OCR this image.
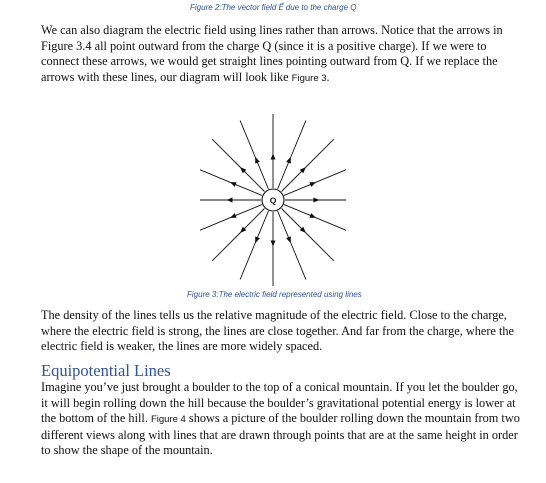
Figure 2:The vector field E⃗ due to the charge Q

We can also diagram the electric field using lines rather than arrows. Notice that the arrows in Figure 3.4 all point outward from the charge Q (since it is a positive charge). If we were to connect these arrows, we would get straight lines pointing outward from Q. If we replace the arrows with these lines, our diagram will look like Figure 3.

Q
Figure 3:The electric field represented using lines

The density of the lines tells us the relative magnitude of the electric field. Close to the charge, where the electric field is strong, the lines are close together. And far from the charge, where the electric field is weaker, the lines are more widely spaced.

Equipotential Lines

Imagine you’ve just brought a boulder to the top of a conical mountain. If you let the boulder go, it will begin rolling down the hill because the boulder’s gravitational potential energy is lower at the bottom of the hill. Figure 4 shows a picture of the boulder rolling down the mountain from two different views along with lines that are drawn through points that are at the same height in order to show the shape of the mountain.
